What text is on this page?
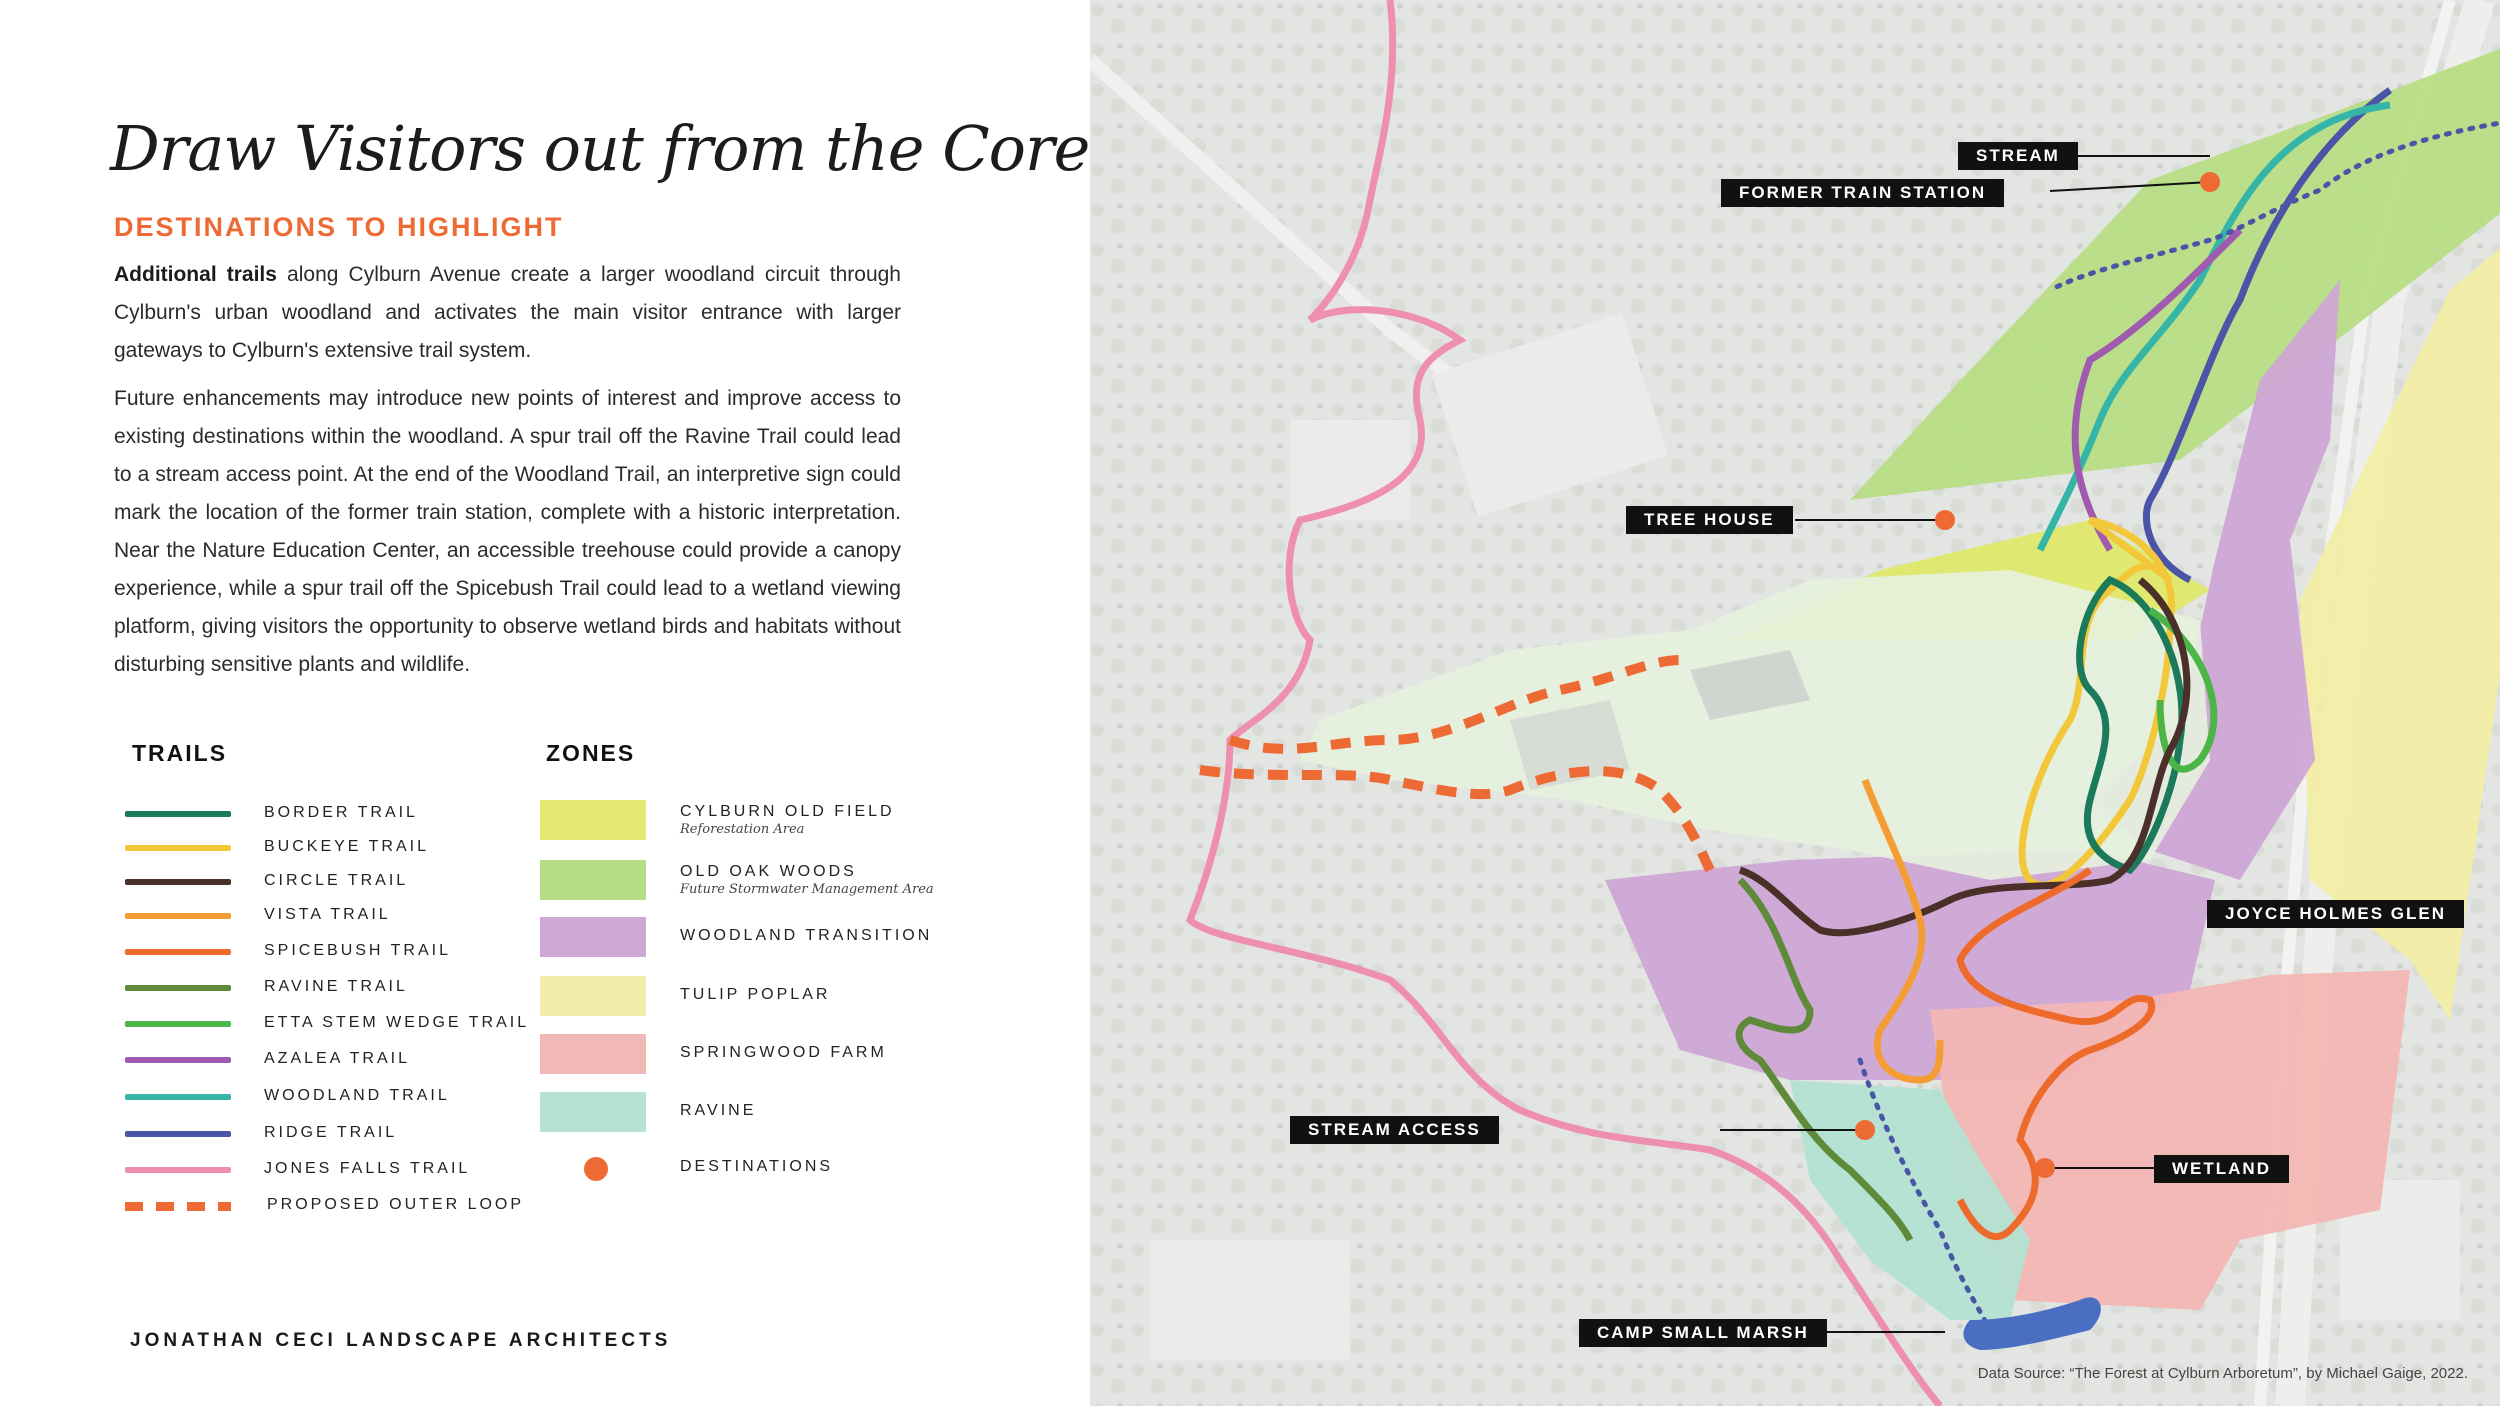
Draw Visitors out from the Core
DESTINATIONS TO HIGHLIGHT
Additional trails along Cylburn Avenue create a larger woodland circuit through Cylburn's urban woodland and activates the main visitor entrance with larger gateways to Cylburn's extensive trail system.
Future enhancements may introduce new points of interest and improve access to existing destinations within the woodland. A spur trail off the Ravine Trail could lead to a stream access point. At the end of the Woodland Trail, an interpretive sign could mark the location of the former train station, complete with a historic interpretation. Near the Nature Education Center, an accessible treehouse could provide a canopy experience, while a spur trail off the Spicebush Trail could lead to a wetland viewing platform, giving visitors the opportunity to observe wetland birds and habitats without disturbing sensitive plants and wildlife.
TRAILS	ZONES
BORDER TRAIL
BUCKEYE TRAIL
CIRCLE TRAIL
VISTA TRAIL
SPICEBUSH TRAIL
RAVINE TRAIL
ETTA STEM WEDGE TRAIL
AZALEA TRAIL
WOODLAND TRAIL
RIDGE TRAIL
JONES FALLS TRAIL
PROPOSED OUTER LOOP
CYLBURN OLD FIELD
Reforestation Area
OLD OAK WOODS
Future Stormwater Management Area
WOODLAND TRANSITION
TULIP POPLAR
SPRINGWOOD FARM
RAVINE
DESTINATIONS
JONATHAN CECI LANDSCAPE ARCHITECTS
STREAM
FORMER TRAIN STATION
TREE HOUSE
JOYCE HOLMES GLEN
STREAM ACCESS
WETLAND
CAMP SMALL MARSH
Data Source: “The Forest at Cylburn Arboretum”, by Michael Gaige, 2022.
